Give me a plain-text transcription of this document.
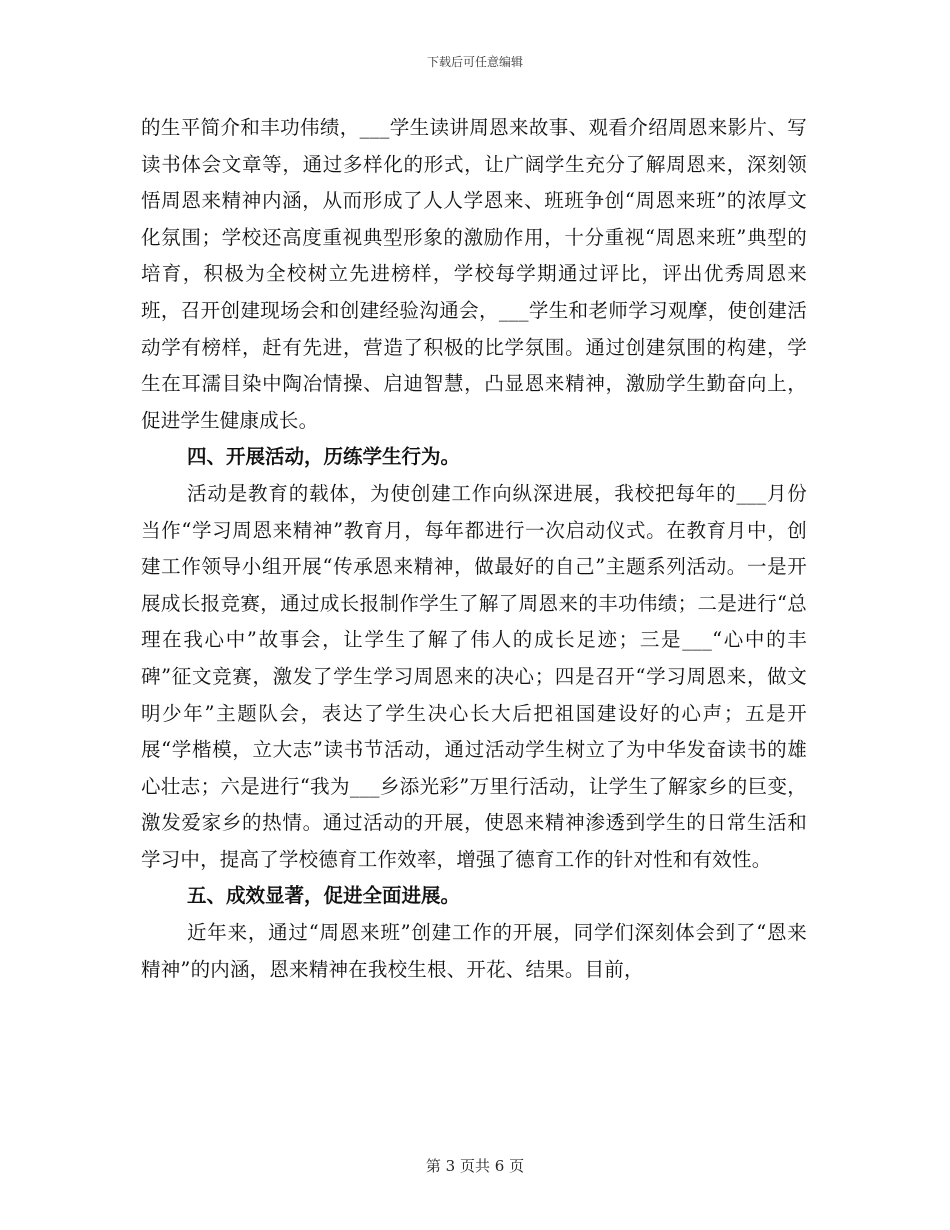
下载后可任意编辑

的生平简介和丰功伟绩，___学生读讲周恩来故事、观看介绍周恩来影片、写读书体会文章等，通过多样化的形式，让广阔学生充分了解周恩来，深刻领悟周恩来精神内涵，从而形成了人人学恩来、班班争创“周恩来班”的浓厚文化氛围；学校还高度重视典型形象的激励作用，十分重视“周恩来班”典型的培育，积极为全校树立先进榜样，学校每学期通过评比，评出优秀周恩来班，召开创建现场会和创建经验沟通会，___学生和老师学习观摩，使创建活动学有榜样，赶有先进，营造了积极的比学氛围。通过创建氛围的构建，学生在耳濡目染中陶冶情操、启迪智慧，凸显恩来精神，激励学生勤奋向上，促进学生健康成长。

四、开展活动，历练学生行为。

活动是教育的载体，为使创建工作向纵深进展，我校把每年的___月份当作“学习周恩来精神”教育月，每年都进行一次启动仪式。在教育月中，创建工作领导小组开展“传承恩来精神，做最好的自己”主题系列活动。一是开展成长报竞赛，通过成长报制作学生了解了周恩来的丰功伟绩；二是进行“总理在我心中”故事会，让学生了解了伟人的成长足迹；三是___“心中的丰碑”征文竞赛，激发了学生学习周恩来的决心；四是召开“学习周恩来，做文明少年”主题队会，表达了学生决心长大后把祖国建设好的心声；五是开展“学楷模，立大志”读书节活动，通过活动学生树立了为中华发奋读书的雄心壮志；六是进行“我为___乡添光彩”万里行活动，让学生了解家乡的巨变，激发爱家乡的热情。通过活动的开展，使恩来精神渗透到学生的日常生活和学习中，提高了学校德育工作效率，增强了德育工作的针对性和有效性。

五、成效显著，促进全面进展。

近年来，通过“周恩来班”创建工作的开展，同学们深刻体会到了“恩来精神”的内涵，恩来精神在我校生根、开花、结果。目前，

第 3 页共 6 页
